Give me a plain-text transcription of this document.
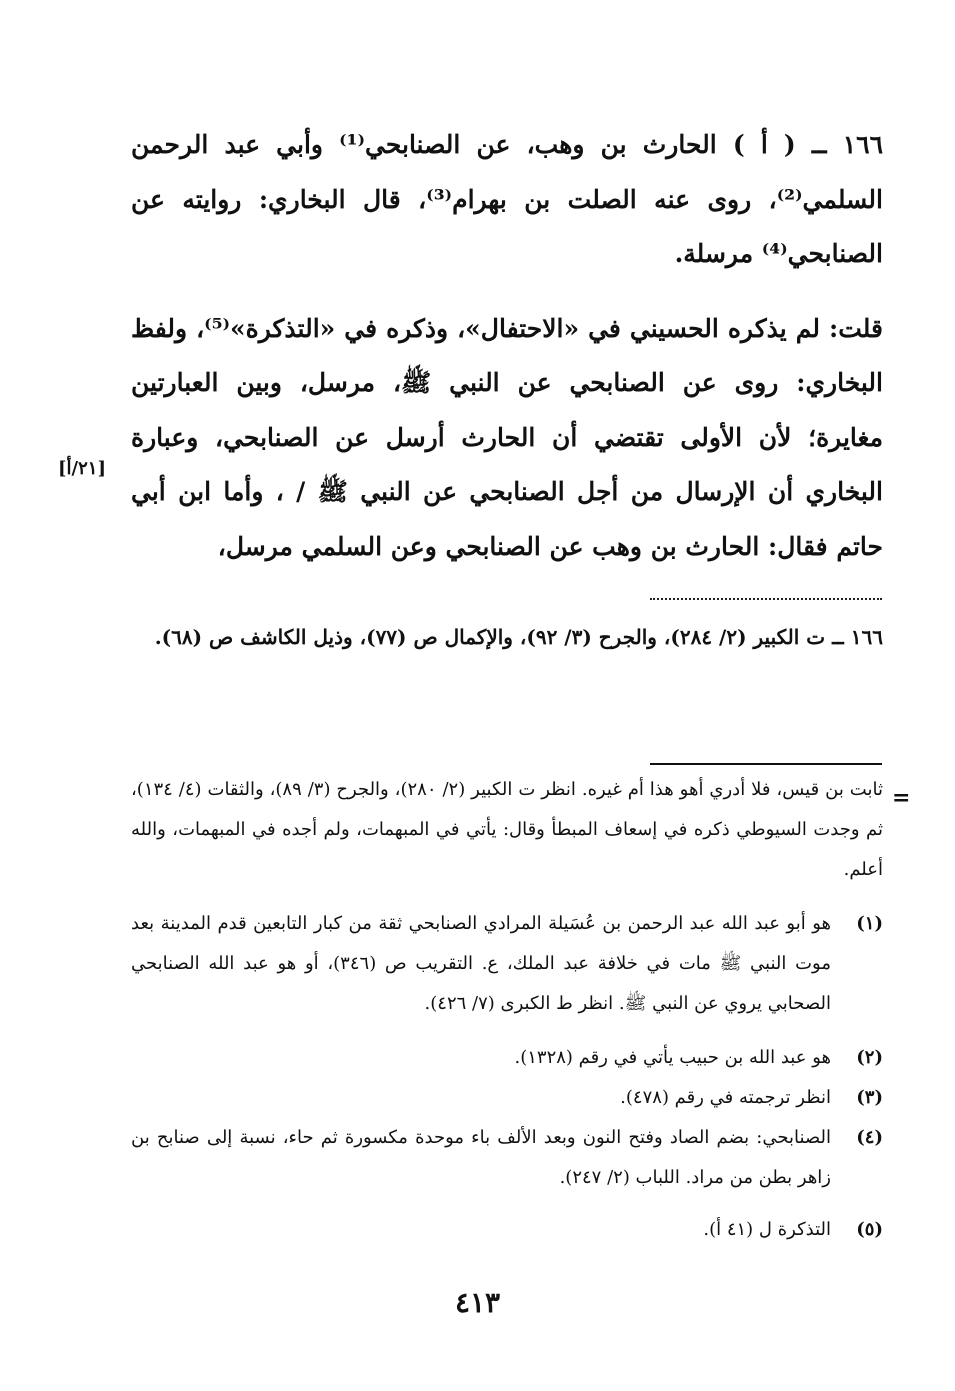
١٦٦ ــ ( أ ) الحارث بن وهب، عن الصنابحي⁽¹⁾ وأبي عبد الرحمن السلمي⁽²⁾، روى عنه الصلت بن بهرام⁽³⁾، قال البخاري: روايته عن الصنابحي⁽⁴⁾ مرسلة.

قلت: لم يذكره الحسيني في «الاحتفال»، وذكره في «التذكرة»⁽⁵⁾، ولفظ البخاري: روى عن الصنابحي عن النبي ﷺ، مرسل، وبين العبارتين مغايرة؛ لأن الأولى تقتضي أن الحارث أرسل عن الصنابحي، وعبارة البخاري أن الإرسال من أجل الصنابحي عن النبي ﷺ / ، وأما ابن أبي حاتم فقال: الحارث بن وهب عن الصنابحي وعن السلمي مرسل،

[٢١/أ]
١٦٦ ــ ت الكبير (٢/ ٢٨٤)، والجرح (٣/ ٩٢)، والإكمال ص (٧٧)، وذيل الكاشف ص (٦٨).
=
ثابت بن قيس، فلا أدري أهو هذا أم غيره. انظر ت الكبير (٢/ ٢٨٠)، والجرح (٣/ ٨٩)، والثقات (٤/ ١٣٤)، ثم وجدت السيوطي ذكره في إسعاف المبطأ وقال: يأتي في المبهمات، ولم أجده في المبهمات، والله أعلم.
(١)
هو أبو عبد الله عبد الرحمن بن عُسَيلة المرادي الصنابحي ثقة من كبار التابعين قدم المدينة بعد موت النبي ﷺ مات في خلافة عبد الملك، ع. التقريب ص (٣٤٦)، أو هو عبد الله الصنابحي الصحابي يروي عن النبي ﷺ. انظر ط الكبرى (٧/ ٤٢٦).
(٢)
هو عبد الله بن حبيب يأتي في رقم (١٣٢٨).
(٣)
انظر ترجمته في رقم (٤٧٨).
(٤)
الصنابحي: بضم الصاد وفتح النون وبعد الألف باء موحدة مكسورة ثم حاء، نسبة إلى صنابح بن زاهر بطن من مراد. اللباب (٢/ ٢٤٧).
(٥)
التذكرة ل (٤١ أ).
٤١٣
